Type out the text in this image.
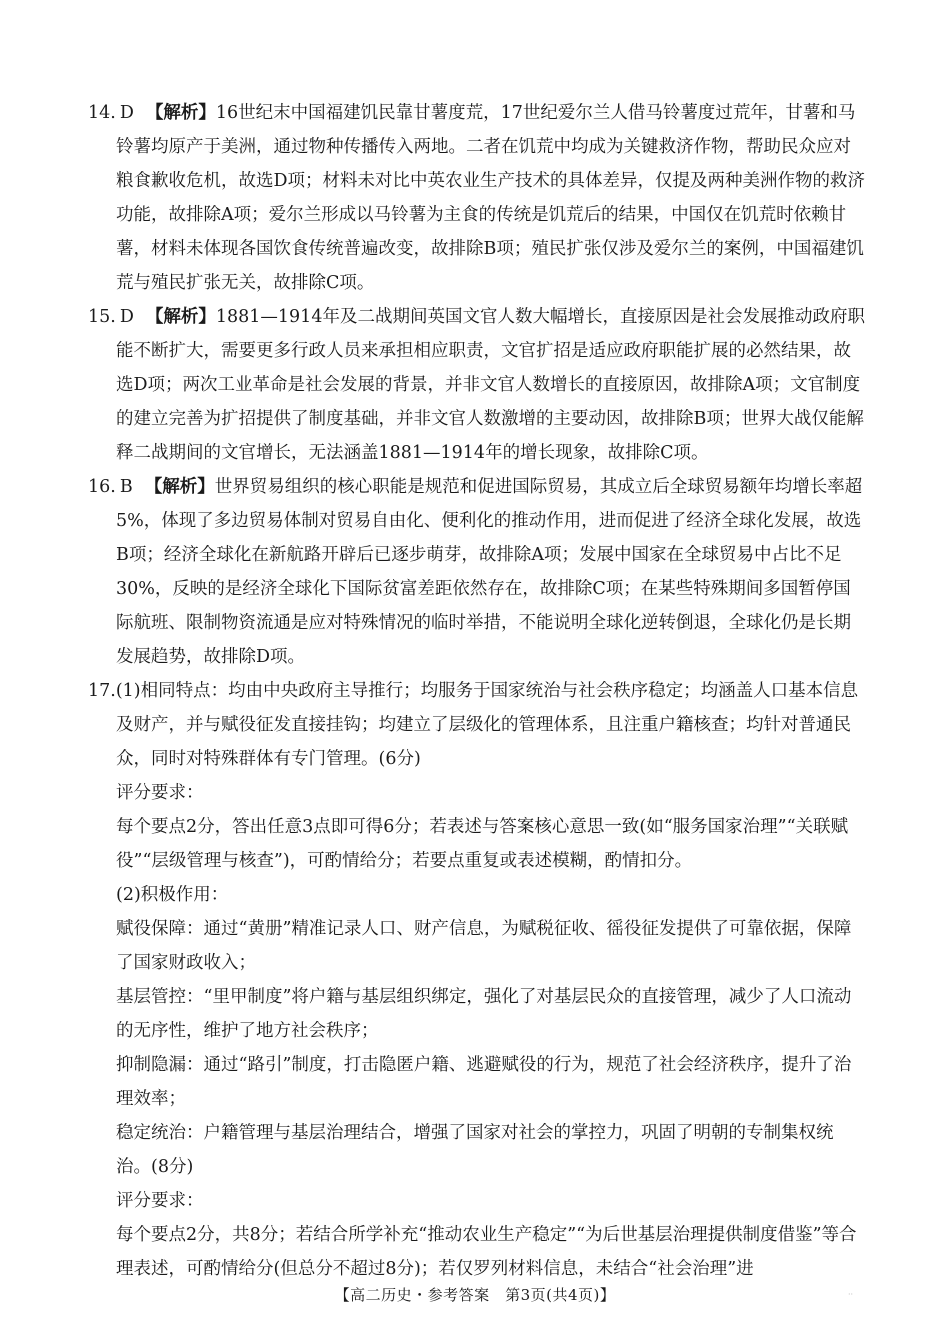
14. D 【解析】16世纪末中国福建饥民靠甘薯度荒，17世纪爱尔兰人借马铃薯度过荒年，甘薯和马铃薯均原产于美洲，通过物种传播传入两地。二者在饥荒中均成为关键救济作物，帮助民众应对粮食歉收危机，故选D项；材料未对比中英农业生产技术的具体差异，仅提及两种美洲作物的救济功能，故排除A项；爱尔兰形成以马铃薯为主食的传统是饥荒后的结果，中国仅在饥荒时依赖甘薯，材料未体现各国饮食传统普遍改变，故排除B项；殖民扩张仅涉及爱尔兰的案例，中国福建饥荒与殖民扩张无关，故排除C项。

15. D 【解析】1881—1914年及二战期间英国文官人数大幅增长，直接原因是社会发展推动政府职能不断扩大，需要更多行政人员来承担相应职责，文官扩招是适应政府职能扩展的必然结果，故选D项；两次工业革命是社会发展的背景，并非文官人数增长的直接原因，故排除A项；文官制度的建立完善为扩招提供了制度基础，并非文官人数激增的主要动因，故排除B项；世界大战仅能解释二战期间的文官增长，无法涵盖1881—1914年的增长现象，故排除C项。

16. B 【解析】世界贸易组织的核心职能是规范和促进国际贸易，其成立后全球贸易额年均增长率超5%，体现了多边贸易体制对贸易自由化、便利化的推动作用，进而促进了经济全球化发展，故选B项；经济全球化在新航路开辟后已逐步萌芽，故排除A项；发展中国家在全球贸易中占比不足30%，反映的是经济全球化下国际贫富差距依然存在，故排除C项；在某些特殊期间多国暂停国际航班、限制物资流通是应对特殊情况的临时举措，不能说明全球化逆转倒退，全球化仍是长期发展趋势，故排除D项。

17.(1)相同特点：均由中央政府主导推行；均服务于国家统治与社会秩序稳定；均涵盖人口基本信息及财产，并与赋役征发直接挂钩；均建立了层级化的管理体系，且注重户籍核查；均针对普通民众，同时对特殊群体有专门管理。(6分)

评分要求：

每个要点2分，答出任意3点即可得6分；若表述与答案核心意思一致(如“服务国家治理”“关联赋役”“层级管理与核查”)，可酌情给分；若要点重复或表述模糊，酌情扣分。

(2)积极作用：

赋役保障：通过“黄册”精准记录人口、财产信息，为赋税征收、徭役征发提供了可靠依据，保障了国家财政收入；

基层管控：“里甲制度”将户籍与基层组织绑定，强化了对基层民众的直接管理，减少了人口流动的无序性，维护了地方社会秩序；

抑制隐漏：通过“路引”制度，打击隐匿户籍、逃避赋役的行为，规范了社会经济秩序，提升了治理效率；

稳定统治：户籍管理与基层治理结合，增强了国家对社会的掌控力，巩固了明朝的专制集权统治。(8分)

评分要求：

每个要点2分，共8分；若结合所学补充“推动农业生产稳定”“为后世基层治理提供制度借鉴”等合理表述，可酌情给分(但总分不超过8分)；若仅罗列材料信息，未结合“社会治理”进

【高二历史・参考答案　第3页(共4页)】	··
